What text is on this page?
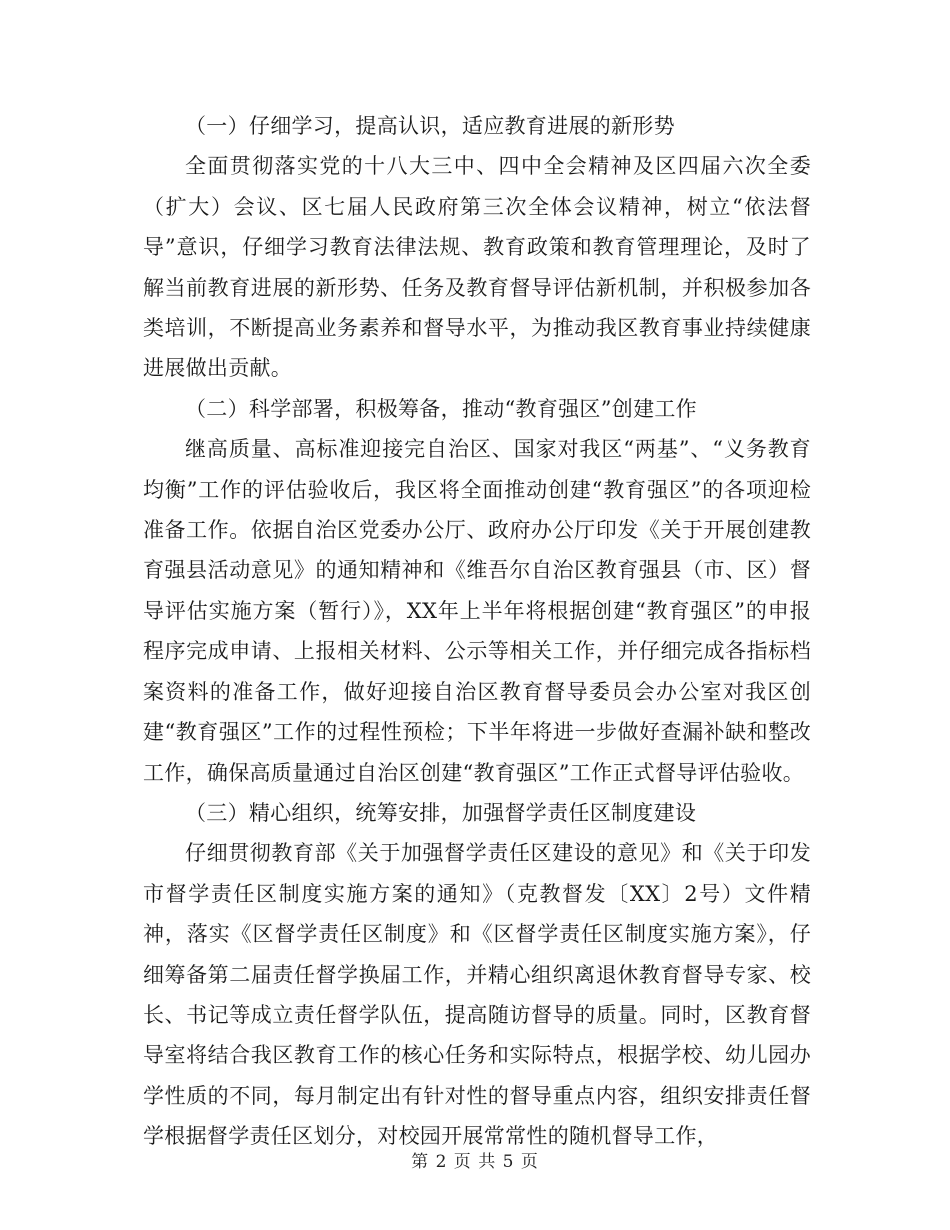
（一）仔细学习，提高认识，适应教育进展的新形势

全面贯彻落实党的十八大三中、四中全会精神及区四届六次全委（扩大）会议、区七届人民政府第三次全体会议精神，树立“依法督导”意识，仔细学习教育法律法规、教育政策和教育管理理论，及时了解当前教育进展的新形势、任务及教育督导评估新机制，并积极参加各类培训，不断提高业务素养和督导水平，为推动我区教育事业持续健康进展做出贡献。

（二）科学部署，积极筹备，推动“教育强区”创建工作

继高质量、高标准迎接完自治区、国家对我区“两基”、“义务教育均衡”工作的评估验收后，我区将全面推动创建“教育强区”的各项迎检准备工作。依据自治区党委办公厅、政府办公厅印发《关于开展创建教育强县活动意见》的通知精神和《维吾尔自治区教育强县（市、区）督导评估实施方案（暂行）》，XX年上半年将根据创建“教育强区”的申报程序完成申请、上报相关材料、公示等相关工作，并仔细完成各指标档案资料的准备工作，做好迎接自治区教育督导委员会办公室对我区创建“教育强区”工作的过程性预检；下半年将进一步做好查漏补缺和整改工作，确保高质量通过自治区创建“教育强区”工作正式督导评估验收。

（三）精心组织，统筹安排，加强督学责任区制度建设

仔细贯彻教育部《关于加强督学责任区建设的意见》和《关于印发市督学责任区制度实施方案的通知》（克教督发〔XX〕2号）文件精神，落实《区督学责任区制度》和《区督学责任区制度实施方案》，仔细筹备第二届责任督学换届工作，并精心组织离退休教育督导专家、校长、书记等成立责任督学队伍，提高随访督导的质量。同时，区教育督导室将结合我区教育工作的核心任务和实际特点，根据学校、幼儿园办学性质的不同，每月制定出有针对性的督导重点内容，组织安排责任督学根据督学责任区划分，对校园开展常常性的随机督导工作，

第 2 页 共 5 页
